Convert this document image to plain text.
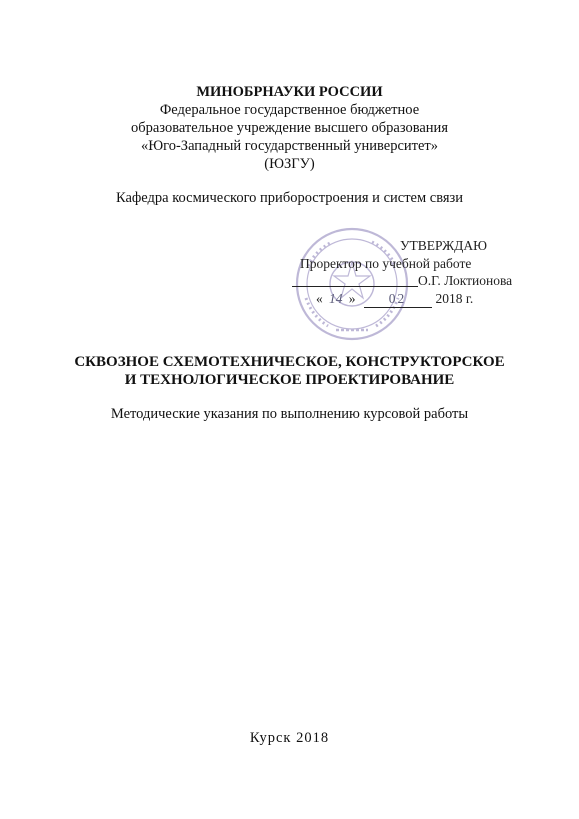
МИНОБРНАУКИ РОССИИ
Федеральное государственное бюджетное
образовательное учреждение высшего образования
«Юго-Западный государственный университет»
(ЮЗГУ)
Кафедра космического приборостроения и систем связи
УТВЕРЖДАЮ
Проректор по учебной работе
О.Г. Локтионова
« 14 » 02 2018 г.
СКВОЗНОЕ СХЕМОТЕХНИЧЕСКОЕ, КОНСТРУКТОРСКОЕ
И ТЕХНОЛОГИЧЕСКОЕ ПРОЕКТИРОВАНИЕ
Методические указания по выполнению курсовой работы
Курск 2018
